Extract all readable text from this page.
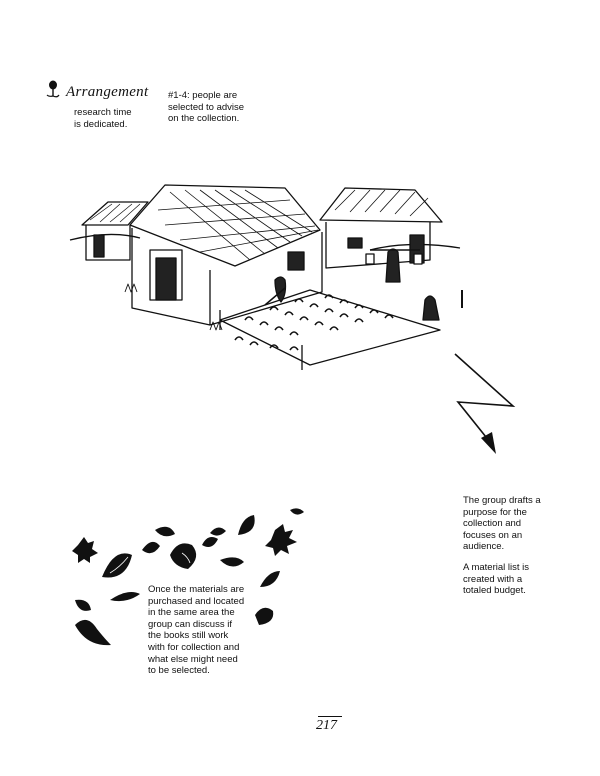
Arrangement
research time
is dedicated.
#1-4: people are
selected to advise
on the collection.
The group drafts a
purpose for the
collection and
focuses on an
audience.
A material list is
created with a
totaled budget.
Once the materials are
purchased and located
in the same area the
group can discuss if
the books still work
with for collection and
what else might need
to be selected.
217
